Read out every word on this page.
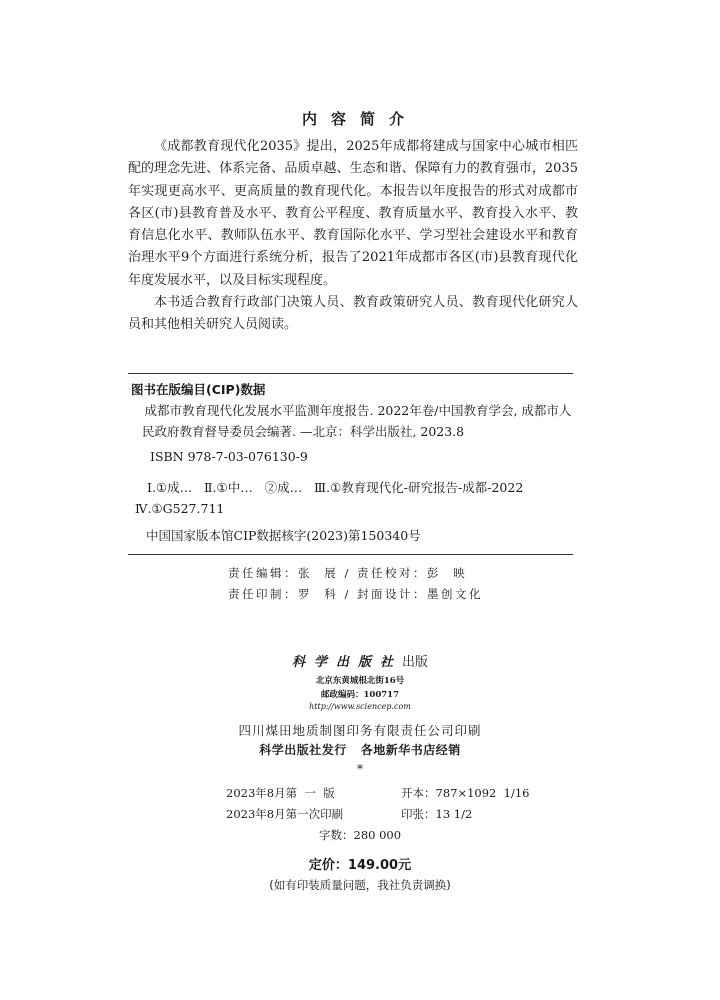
内容简介

《成都教育现代化2035》提出，2025年成都将建成与国家中心城市相匹配的理念先进、体系完备、品质卓越、生态和谐、保障有力的教育强市，2035年实现更高水平、更高质量的教育现代化。本报告以年度报告的形式对成都市各区(市)县教育普及水平、教育公平程度、教育质量水平、教育投入水平、教育信息化水平、教师队伍水平、教育国际化水平、学习型社会建设水平和教育治理水平9个方面进行系统分析，报告了2021年成都市各区(市)县教育现代化年度发展水平，以及目标实现程度。

本书适合教育行政部门决策人员、教育政策研究人员、教育现代化研究人员和其他相关研究人员阅读。

图书在版编目(CIP)数据
成都市教育现代化发展水平监测年度报告. 2022年卷/中国教育学会, 成都市人民政府教育督导委员会编著. —北京：科学出版社, 2023.8
ISBN 978-7-03-076130-9
Ⅰ.①成…   Ⅱ.①中…   ②成…   Ⅲ.①教育现代化-研究报告-成都-2022
Ⅳ.①G527.711
中国国家版本馆CIP数据核字(2023)第150340号
责任编辑：张  展 / 责任校对：彭  映
责任印制：罗  科 / 封面设计：墨创文化
科学出版社出版
北京东黄城根北街16号
邮政编码：100717
http://www.sciencep.com
四川煤田地质制图印务有限责任公司印刷
科学出版社发行   各地新华书店经销
*
2023年8月第  一  版	开本：787×1092  1/16
2023年8月第一次印刷	印张：13 1/2
字数：280 000
定价：149.00元
(如有印装质量问题，我社负责调换)
